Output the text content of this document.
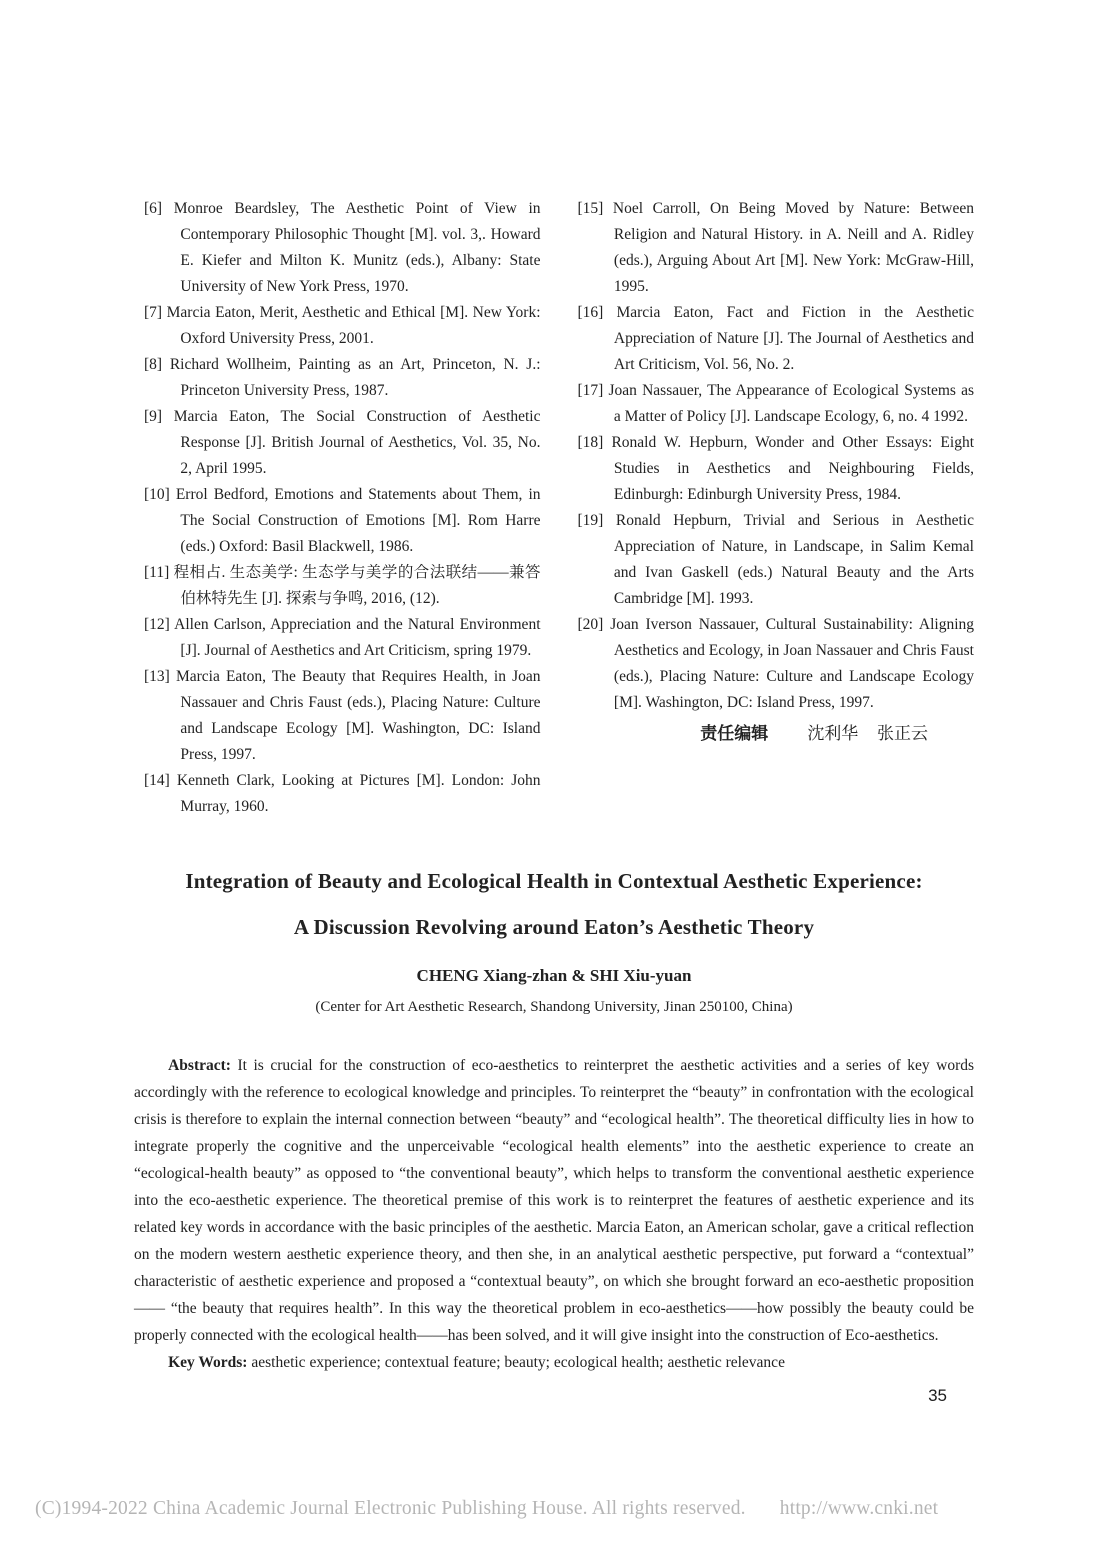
[6] Monroe Beardsley, The Aesthetic Point of View in Contemporary Philosophic Thought [M]. vol. 3,. Howard E. Kiefer and Milton K. Munitz (eds.), Albany: State University of New York Press, 1970.

[7] Marcia Eaton, Merit, Aesthetic and Ethical [M]. New York: Oxford University Press, 2001.

[8] Richard Wollheim, Painting as an Art, Princeton, N. J.: Princeton University Press, 1987.

[9] Marcia Eaton, The Social Construction of Aesthetic Response [J]. British Journal of Aesthetics, Vol. 35, No. 2, April 1995.

[10] Errol Bedford, Emotions and Statements about Them, in The Social Construction of Emotions [M]. Rom Harre (eds.) Oxford: Basil Blackwell, 1986.

[11] 程相占. 生态美学: 生态学与美学的合法联结——兼答伯林特先生 [J]. 探索与争鸣, 2016, (12).

[12] Allen Carlson, Appreciation and the Natural Environment [J]. Journal of Aesthetics and Art Criticism, spring 1979.

[13] Marcia Eaton, The Beauty that Requires Health, in Joan Nassauer and Chris Faust (eds.), Placing Nature: Culture and Landscape Ecology [M]. Washington, DC: Island Press, 1997.

[14] Kenneth Clark, Looking at Pictures [M]. London: John Murray, 1960.

[15] Noel Carroll, On Being Moved by Nature: Between Religion and Natural History. in A. Neill and A. Ridley (eds.), Arguing About Art [M]. New York: McGraw-Hill, 1995.

[16] Marcia Eaton, Fact and Fiction in the Aesthetic Appreciation of Nature [J]. The Journal of Aesthetics and Art Criticism, Vol. 56, No. 2.

[17] Joan Nassauer, The Appearance of Ecological Systems as a Matter of Policy [J]. Landscape Ecology, 6, no. 4 1992.

[18] Ronald W. Hepburn, Wonder and Other Essays: Eight Studies in Aesthetics and Neighbouring Fields, Edinburgh: Edinburgh University Press, 1984.

[19] Ronald Hepburn, Trivial and Serious in Aesthetic Appreciation of Nature, in Landscape, in Salim Kemal and Ivan Gaskell (eds.) Natural Beauty and the Arts Cambridge [M]. 1993.

[20] Joan Iverson Nassauer, Cultural Sustainability: Aligning Aesthetics and Ecology, in Joan Nassauer and Chris Faust (eds.), Placing Nature: Culture and Landscape Ecology [M]. Washington, DC: Island Press, 1997.

责任编辑 沈利华 张正云

Integration of Beauty and Ecological Health in Contextual Aesthetic Experience:
A Discussion Revolving around Eaton’s Aesthetic Theory

CHENG Xiang-zhan & SHI Xiu-yuan

(Center for Art Aesthetic Research, Shandong University, Jinan 250100, China)

Abstract: It is crucial for the construction of eco-aesthetics to reinterpret the aesthetic activities and a series of key words accordingly with the reference to ecological knowledge and principles. To reinterpret the “beauty” in confrontation with the ecological crisis is therefore to explain the internal connection between “beauty” and “ecological health”. The theoretical difficulty lies in how to integrate properly the cognitive and the unperceivable “ecological health elements” into the aesthetic experience to create an “ecological-health beauty” as opposed to “the conventional beauty”, which helps to transform the conventional aesthetic experience into the eco-aesthetic experience. The theoretical premise of this work is to reinterpret the features of aesthetic experience and its related key words in accordance with the basic principles of the aesthetic. Marcia Eaton, an American scholar, gave a critical reflection on the modern western aesthetic experience theory, and then she, in an analytical aesthetic perspective, put forward a “contextual” characteristic of aesthetic experience and proposed a “contextual beauty”, on which she brought forward an eco-aesthetic proposition—— “the beauty that requires health”. In this way the theoretical problem in eco-aesthetics——how possibly the beauty could be properly connected with the ecological health——has been solved, and it will give insight into the construction of Eco-aesthetics.

Key Words: aesthetic experience; contextual feature; beauty; ecological health; aesthetic relevance

35
(C)1994-2022 China Academic Journal Electronic Publishing House. All rights reserved. http://www.cnki.net
